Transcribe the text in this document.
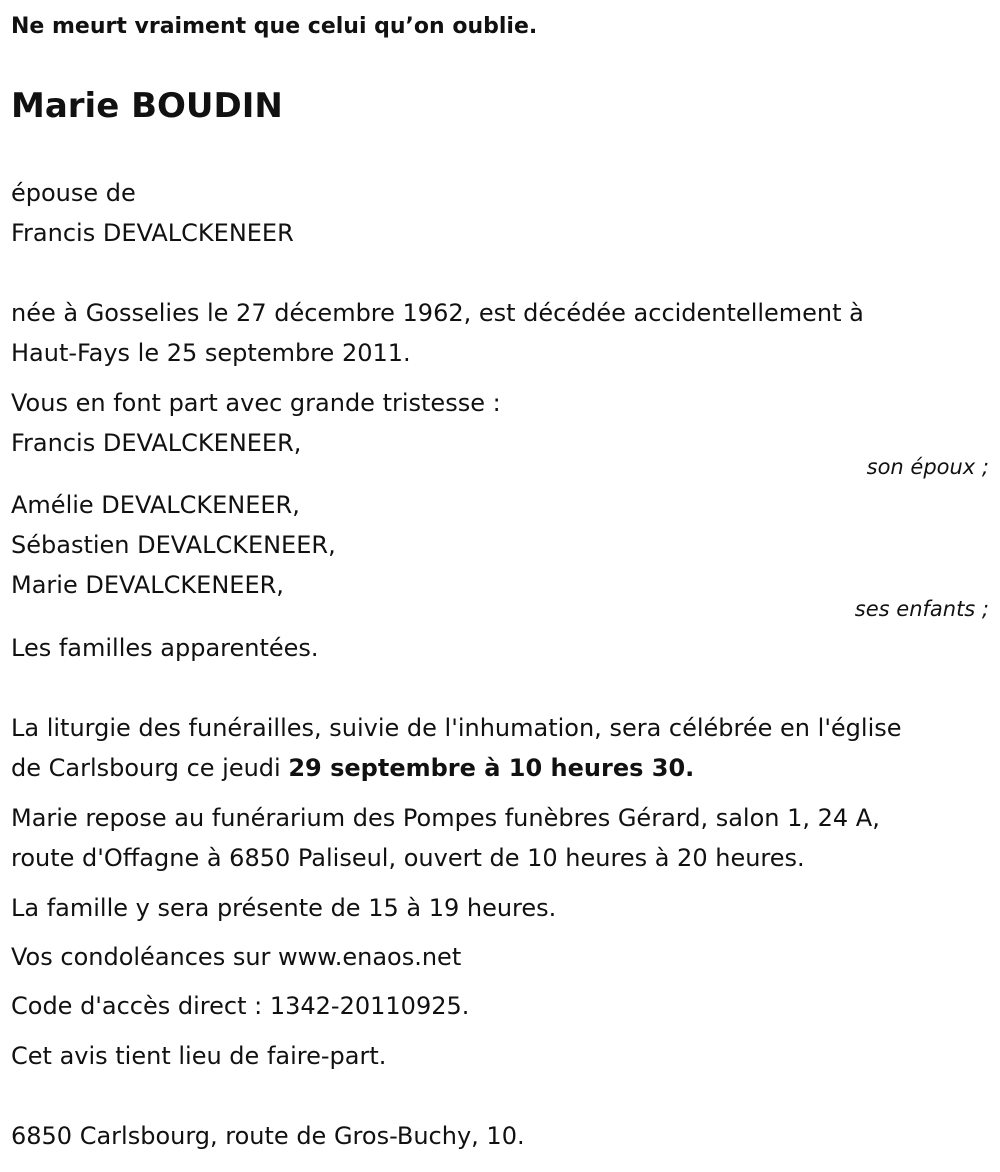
Ne meurt vraiment que celui qu’on oublie.
Marie BOUDIN
épouse de
Francis DEVALCKENEER
née à Gosselies le 27 décembre 1962, est décédée accidentellement à
Haut-Fays le 25 septembre 2011.
Vous en font part avec grande tristesse :
Francis DEVALCKENEER,
son époux ;
Amélie DEVALCKENEER,
Sébastien DEVALCKENEER,
Marie DEVALCKENEER,
ses enfants ;
Les familles apparentées.
La liturgie des funérailles, suivie de l'inhumation, sera célébrée en l'église
de Carlsbourg ce jeudi 29 septembre à 10 heures 30.
Marie repose au funérarium des Pompes funèbres Gérard, salon 1, 24 A,
route d'Offagne à 6850 Paliseul, ouvert de 10 heures à 20 heures.
La famille y sera présente de 15 à 19 heures.
Vos condoléances sur www.enaos.net
Code d'accès direct : 1342-20110925.
Cet avis tient lieu de faire-part.
6850 Carlsbourg, route de Gros-Buchy, 10.
